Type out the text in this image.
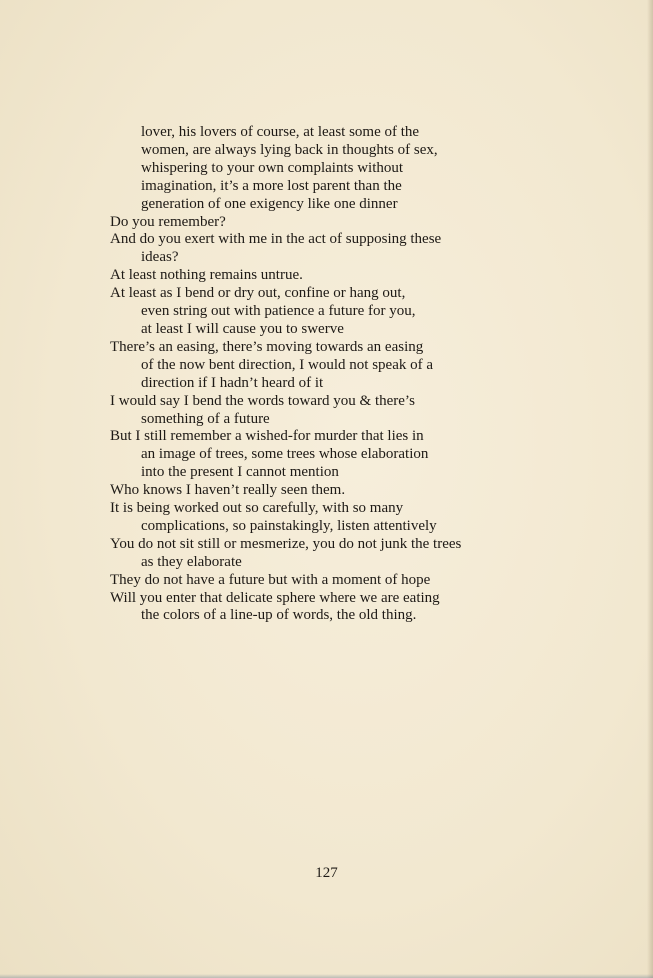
lover, his lovers of course, at least some of the
women, are always lying back in thoughts of sex,
whispering to your own complaints without
imagination, it’s a more lost parent than the
generation of one exigency like one dinner
Do you remember?
And do you exert with me in the act of supposing these
ideas?
At least nothing remains untrue.
At least as I bend or dry out, confine or hang out,
even string out with patience a future for you,
at least I will cause you to swerve
There’s an easing, there’s moving towards an easing
of the now bent direction, I would not speak of a
direction if I hadn’t heard of it
I would say I bend the words toward you & there’s
something of a future
But I still remember a wished-for murder that lies in
an image of trees, some trees whose elaboration
into the present I cannot mention
Who knows I haven’t really seen them.
It is being worked out so carefully, with so many
complications, so painstakingly, listen attentively
You do not sit still or mesmerize, you do not junk the trees
as they elaborate
They do not have a future but with a moment of hope
Will you enter that delicate sphere where we are eating
the colors of a line-up of words, the old thing.
127
